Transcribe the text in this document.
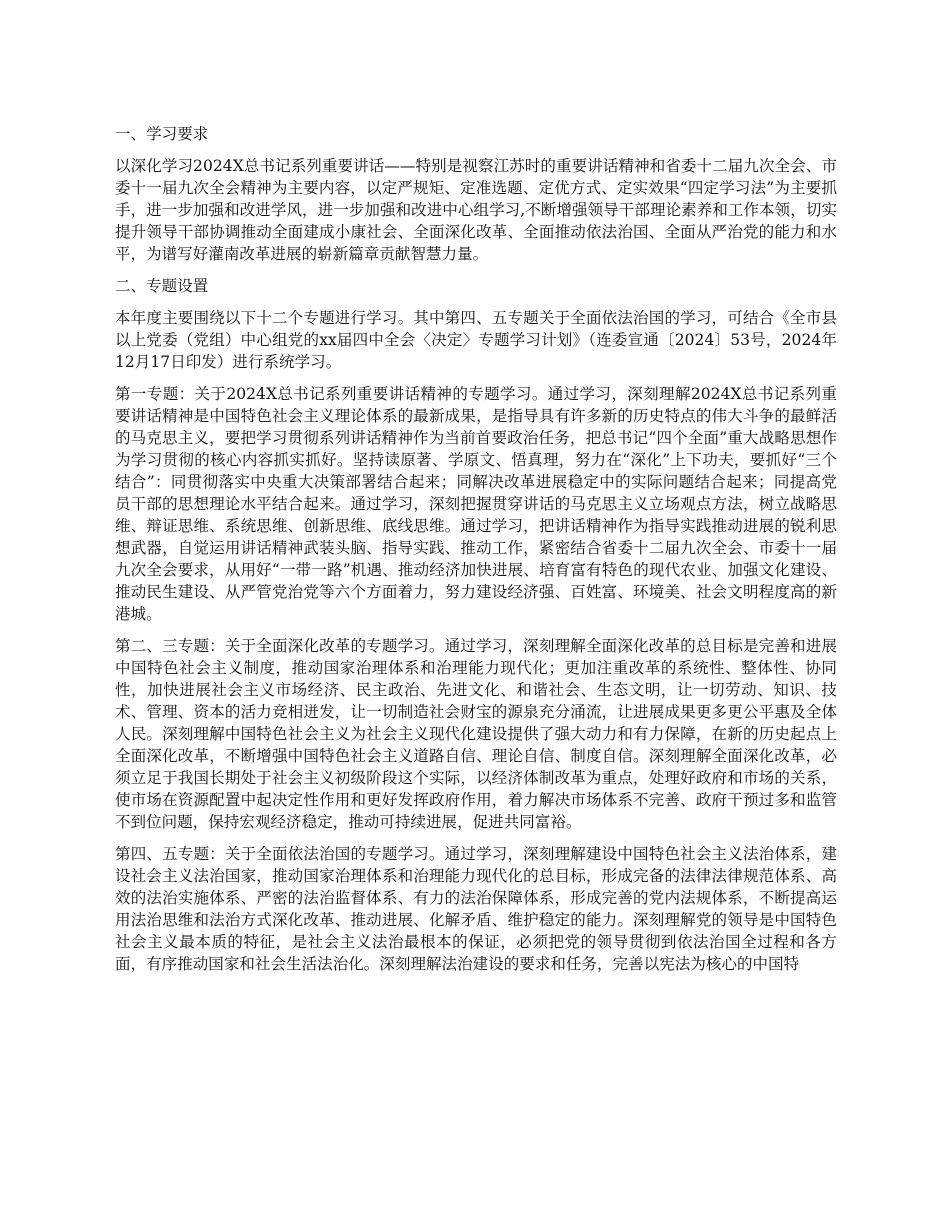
一、学习要求

以深化学习2024X总书记系列重要讲话——特别是视察江苏时的重要讲话精神和省委十二届九次全会、市委十一届九次全会精神为主要内容，以定严规矩、定准选题、定优方式、定实效果“四定学习法”为主要抓手，进一步加强和改进学风，进一步加强和改进中心组学习,不断增强领导干部理论素养和工作本领，切实提升领导干部协调推动全面建成小康社会、全面深化改革、全面推动依法治国、全面从严治党的能力和水平，为谱写好灌南改革进展的崭新篇章贡献智慧力量。

二、专题设置

本年度主要围绕以下十二个专题进行学习。其中第四、五专题关于全面依法治国的学习，可结合《全市县以上党委（党组）中心组党的xx届四中全会〈决定〉专题学习计划》（连委宣通〔2024〕53号，2024年12月17日印发）进行系统学习。

第一专题：关于2024X总书记系列重要讲话精神的专题学习。通过学习，深刻理解2024X总书记系列重要讲话精神是中国特色社会主义理论体系的最新成果，是指导具有许多新的历史特点的伟大斗争的最鲜活的马克思主义，要把学习贯彻系列讲话精神作为当前首要政治任务，把总书记“四个全面”重大战略思想作为学习贯彻的核心内容抓实抓好。坚持读原著、学原文、悟真理，努力在“深化”上下功夫，要抓好“三个结合”：同贯彻落实中央重大决策部署结合起来；同解决改革进展稳定中的实际问题结合起来；同提高党员干部的思想理论水平结合起来。通过学习，深刻把握贯穿讲话的马克思主义立场观点方法，树立战略思维、辩证思维、系统思维、创新思维、底线思维。通过学习，把讲话精神作为指导实践推动进展的锐利思想武器，自觉运用讲话精神武装头脑、指导实践、推动工作，紧密结合省委十二届九次全会、市委十一届九次全会要求，从用好“一带一路”机遇、推动经济加快进展、培育富有特色的现代农业、加强文化建设、推动民生建设、从严管党治党等六个方面着力，努力建设经济强、百姓富、环境美、社会文明程度高的新港城。

第二、三专题：关于全面深化改革的专题学习。通过学习，深刻理解全面深化改革的总目标是完善和进展中国特色社会主义制度，推动国家治理体系和治理能力现代化；更加注重改革的系统性、整体性、协同性，加快进展社会主义市场经济、民主政治、先进文化、和谐社会、生态文明，让一切劳动、知识、技术、管理、资本的活力竞相迸发，让一切制造社会财宝的源泉充分涌流，让进展成果更多更公平惠及全体人民。深刻理解中国特色社会主义为社会主义现代化建设提供了强大动力和有力保障，在新的历史起点上全面深化改革，不断增强中国特色社会主义道路自信、理论自信、制度自信。深刻理解全面深化改革，必须立足于我国长期处于社会主义初级阶段这个实际，以经济体制改革为重点，处理好政府和市场的关系，使市场在资源配置中起决定性作用和更好发挥政府作用，着力解决市场体系不完善、政府干预过多和监管不到位问题，保持宏观经济稳定，推动可持续进展，促进共同富裕。

第四、五专题：关于全面依法治国的专题学习。通过学习，深刻理解建设中国特色社会主义法治体系，建设社会主义法治国家，推动国家治理体系和治理能力现代化的总目标，形成完备的法律法律规范体系、高效的法治实施体系、严密的法治监督体系、有力的法治保障体系，形成完善的党内法规体系，不断提高运用法治思维和法治方式深化改革、推动进展、化解矛盾、维护稳定的能力。深刻理解党的领导是中国特色社会主义最本质的特征，是社会主义法治最根本的保证，必须把党的领导贯彻到依法治国全过程和各方面，有序推动国家和社会生活法治化。深刻理解法治建设的要求和任务，完善以宪法为核心的中国特
